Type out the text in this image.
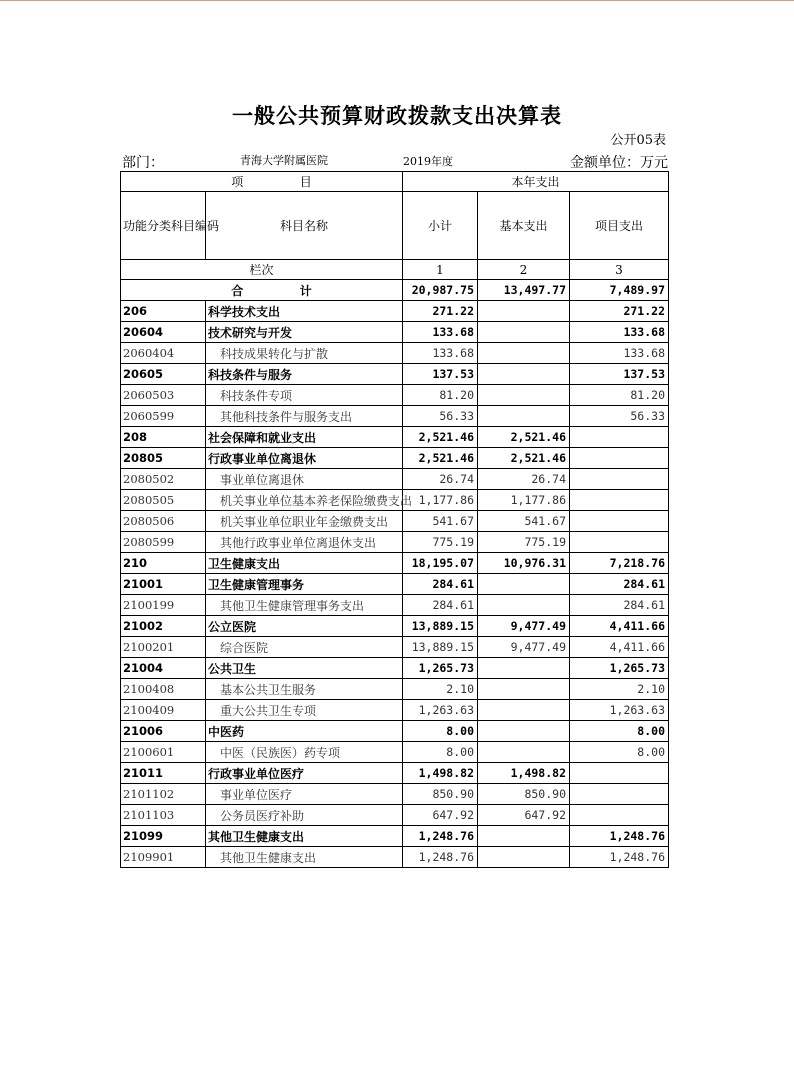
一般公共预算财政拨款支出决算表
公开05表
部门：	青海大学附属医院	2019年度	金额单位：万元
项 目		本年支出		
功能分类科目编码	科目名称	小计	基本支出	项目支出
栏次		1	2	3

合 计		20,987.75	13,497.77	7,489.97
206	科学技术支出	271.22		271.22
20604	技术研究与开发	133.68		133.68
2060404	科技成果转化与扩散	133.68		133.68
20605	科技条件与服务	137.53		137.53
2060503	科技条件专项	81.20		81.20
2060599	其他科技条件与服务支出	56.33		56.33
208	社会保障和就业支出	2,521.46	2,521.46	
20805	行政事业单位离退休	2,521.46	2,521.46	
2080502	事业单位离退休	26.74	26.74	
2080505	机关事业单位基本养老保险缴费支出	1,177.86	1,177.86	
2080506	机关事业单位职业年金缴费支出	541.67	541.67	
2080599	其他行政事业单位离退休支出	775.19	775.19	
210	卫生健康支出	18,195.07	10,976.31	7,218.76
21001	卫生健康管理事务	284.61		284.61
2100199	其他卫生健康管理事务支出	284.61		284.61
21002	公立医院	13,889.15	9,477.49	4,411.66
2100201	综合医院	13,889.15	9,477.49	4,411.66
21004	公共卫生	1,265.73		1,265.73
2100408	基本公共卫生服务	2.10		2.10
2100409	重大公共卫生专项	1,263.63		1,263.63
21006	中医药	8.00		8.00
2100601	中医（民族医）药专项	8.00		8.00
21011	行政事业单位医疗	1,498.82	1,498.82	
2101102	事业单位医疗	850.90	850.90	
2101103	公务员医疗补助	647.92	647.92	
21099	其他卫生健康支出	1,248.76		1,248.76
2109901	其他卫生健康支出	1,248.76		1,248.76
